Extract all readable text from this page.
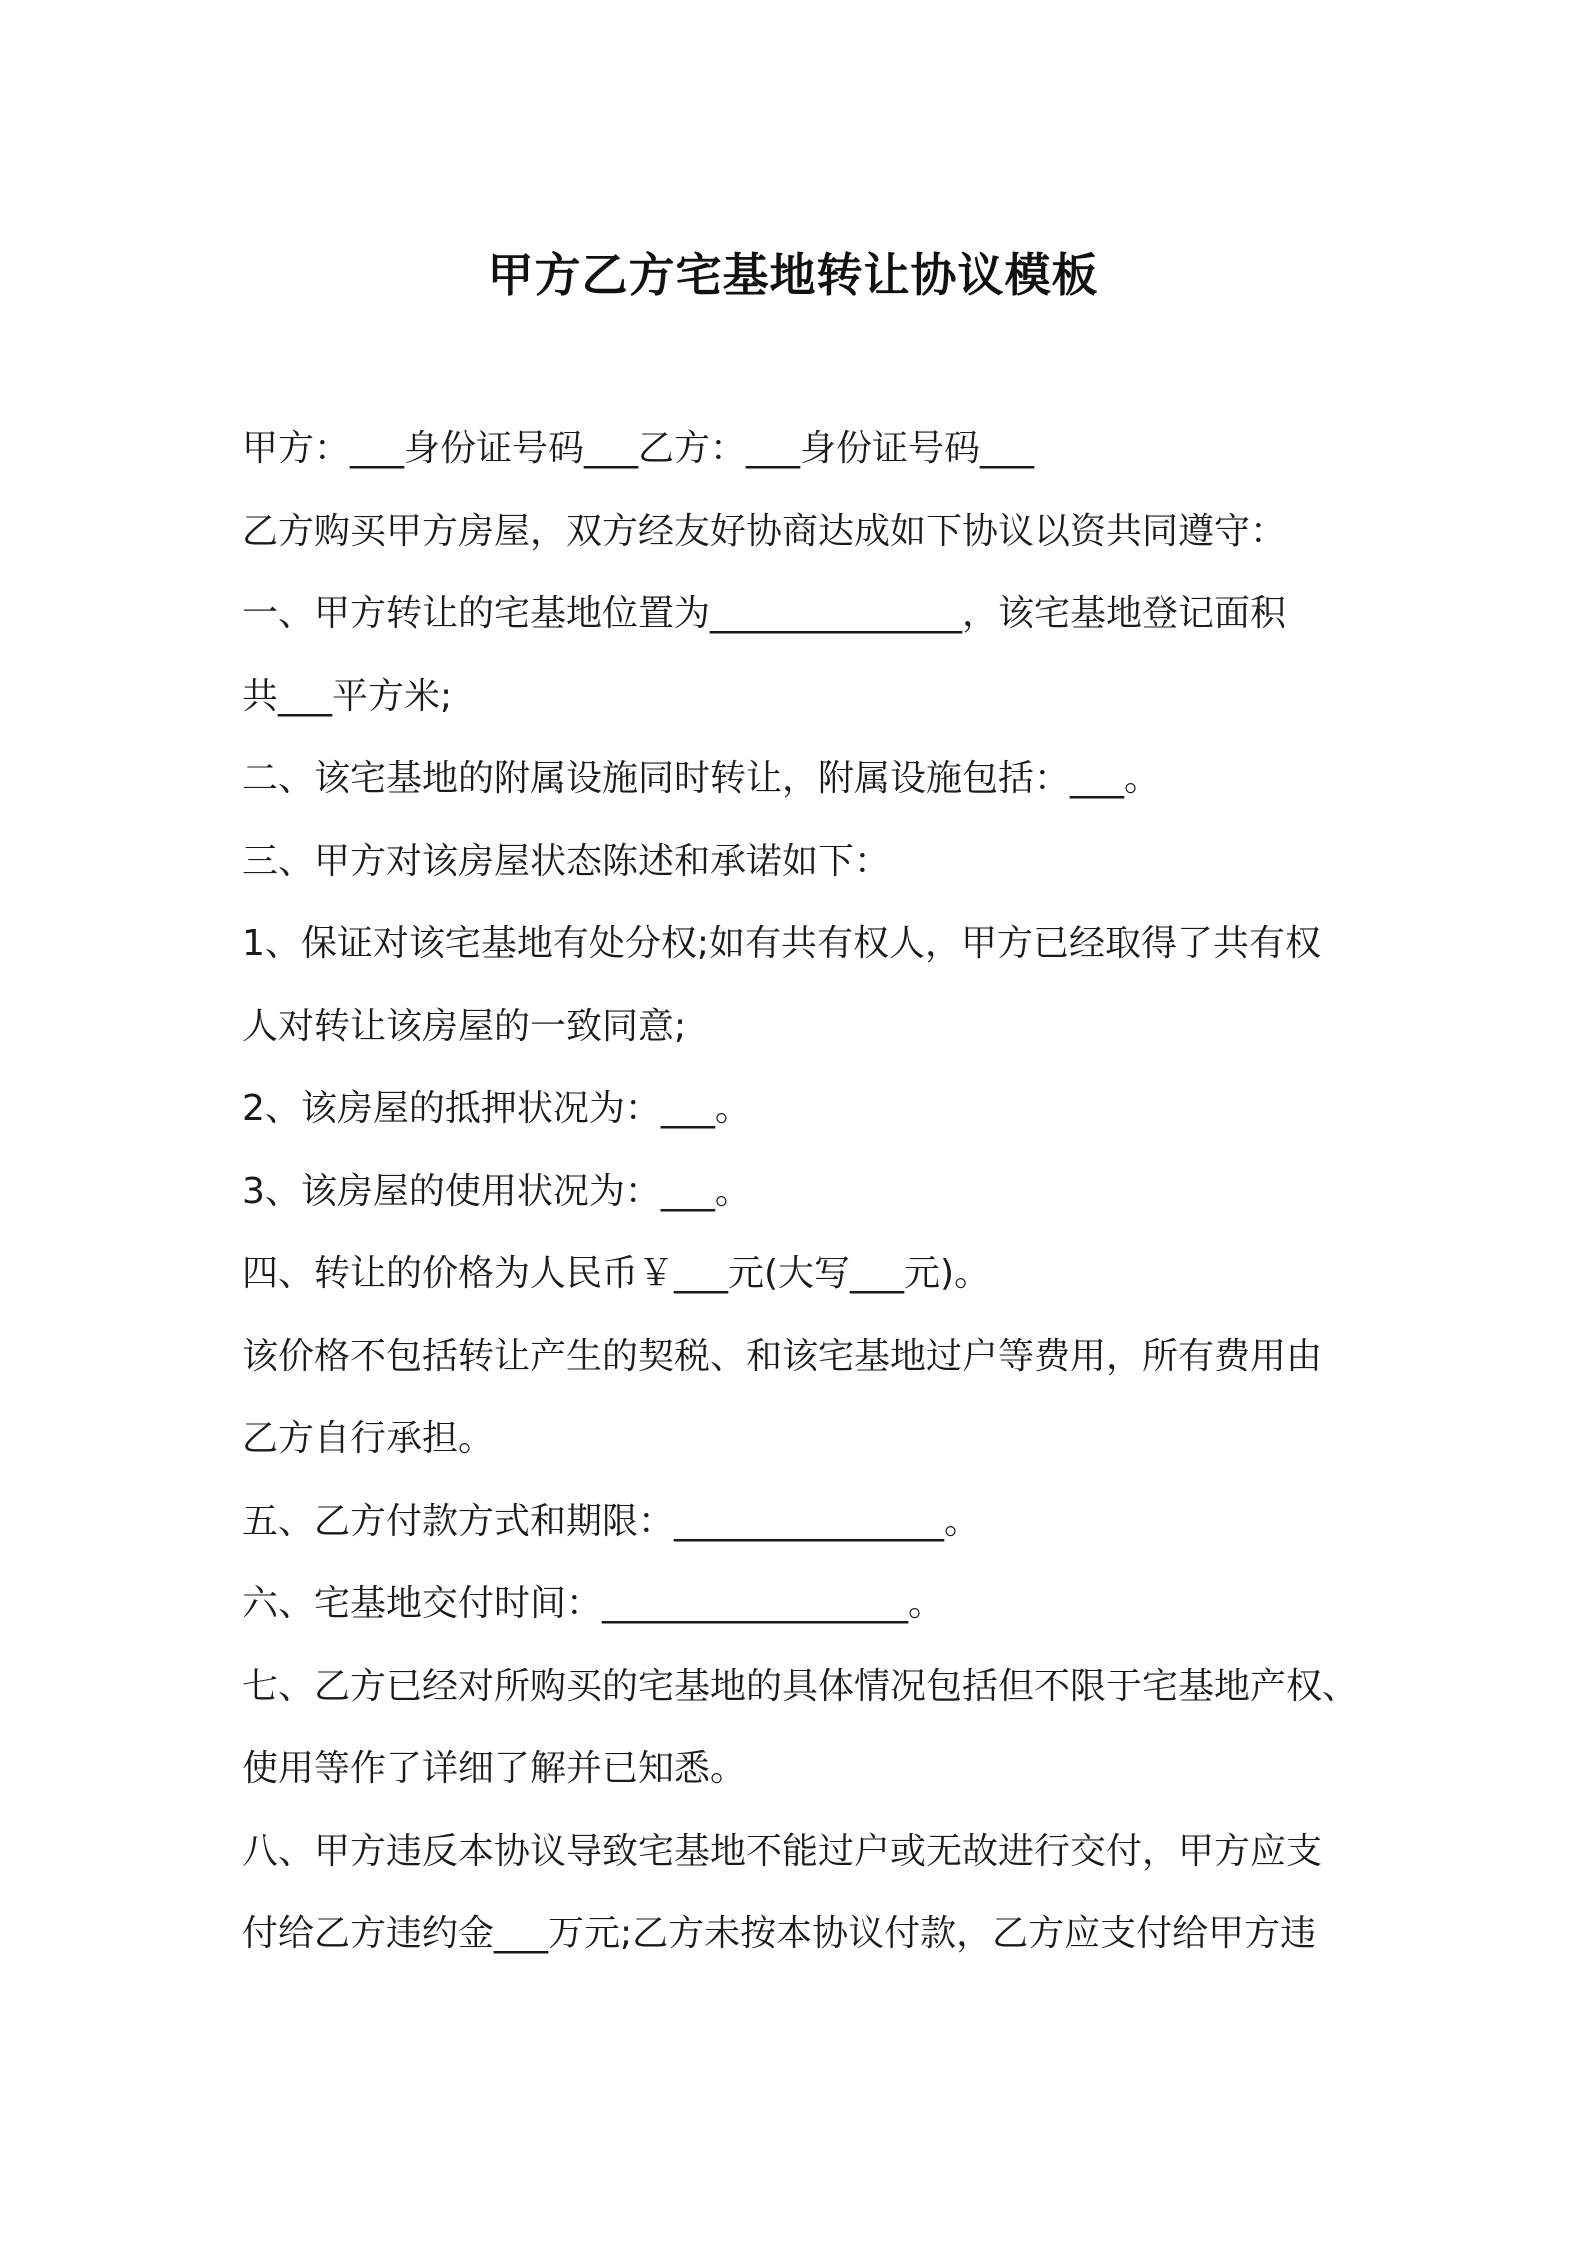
甲方乙方宅基地转让协议模板

甲方：___身份证号码___乙方：___身份证号码___

乙方购买甲方房屋，双方经友好协商达成如下协议以资共同遵守：

一、甲方转让的宅基地位置为______________，该宅基地登记面积

共___平方米;

二、该宅基地的附属设施同时转让，附属设施包括：___。

三、甲方对该房屋状态陈述和承诺如下：

1、保证对该宅基地有处分权;如有共有权人，甲方已经取得了共有权

人对转让该房屋的一致同意;

2、该房屋的抵押状况为：___。

3、该房屋的使用状况为：___。

四、转让的价格为人民币￥___元(大写___元)。

该价格不包括转让产生的契税、和该宅基地过户等费用，所有费用由

乙方自行承担。

五、乙方付款方式和期限：_______________。

六、宅基地交付时间：_________________。

七、乙方已经对所购买的宅基地的具体情况包括但不限于宅基地产权、

使用等作了详细了解并已知悉。

八、甲方违反本协议导致宅基地不能过户或无故进行交付，甲方应支

付给乙方违约金___万元;乙方未按本协议付款，乙方应支付给甲方违
